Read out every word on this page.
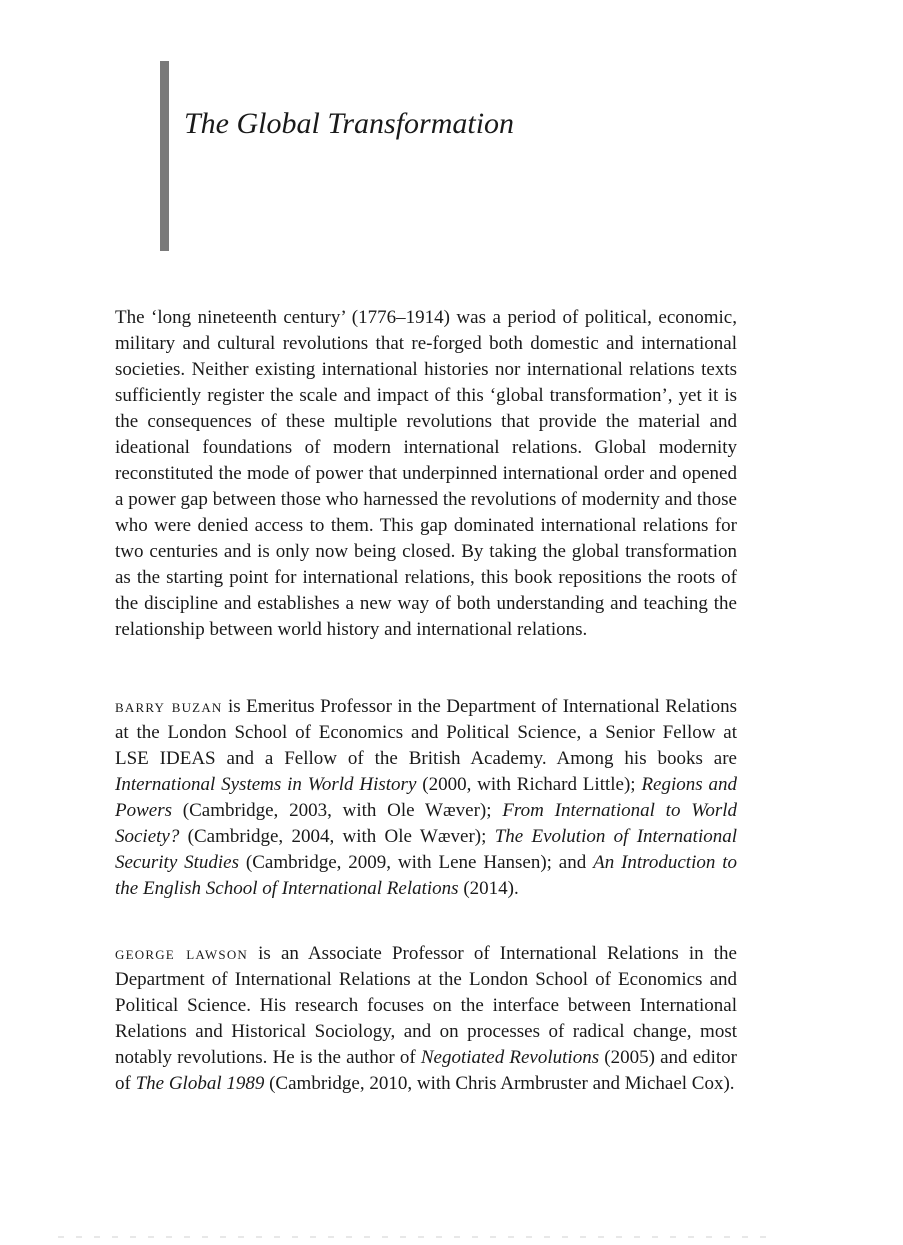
The Global Transformation

The ‘long nineteenth century’ (1776–1914) was a period of political, economic, military and cultural revolutions that re-forged both domestic and international societies. Neither existing international histories nor international relations texts sufficiently register the scale and impact of this ‘global transformation’, yet it is the consequences of these multiple revolutions that provide the material and ideational foundations of modern international relations. Global modernity reconstituted the mode of power that underpinned international order and opened a power gap between those who harnessed the revolutions of modernity and those who were denied access to them. This gap dominated international relations for two centuries and is only now being closed. By taking the global transformation as the starting point for international relations, this book repositions the roots of the discipline and establishes a new way of both understanding and teaching the relationship between world history and international relations.

barry buzan is Emeritus Professor in the Department of International Relations at the London School of Economics and Political Science, a Senior Fellow at LSE IDEAS and a Fellow of the British Academy. Among his books are International Systems in World History (2000, with Richard Little); Regions and Powers (Cambridge, 2003, with Ole Wæver); From International to World Society? (Cambridge, 2004, with Ole Wæver); The Evolution of International Security Studies (Cambridge, 2009, with Lene Hansen); and An Introduction to the English School of International Relations (2014).

george lawson is an Associate Professor of International Relations in the Department of International Relations at the London School of Economics and Political Science. His research focuses on the interface between International Relations and Historical Sociology, and on processes of radical change, most notably revolutions. He is the author of Negotiated Revolutions (2005) and editor of The Global 1989 (Cambridge, 2010, with Chris Armbruster and Michael Cox).
